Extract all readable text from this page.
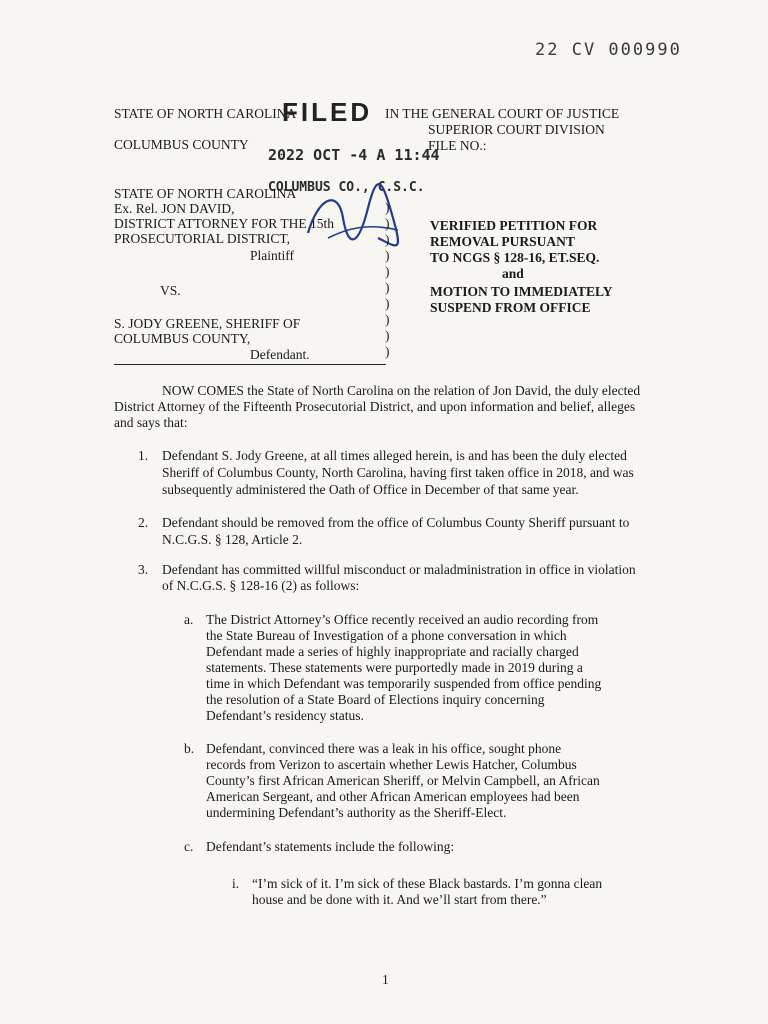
22 CV 000990
STATE OF NORTH CAROLINA
FILED IN THE GENERAL COURT OF JUSTICE
SUPERIOR COURT DIVISION
COLUMBUS COUNTY	FILE NO.:
2022 OCT -4 A 11:44
STATE OF NORTH CAROLINA
COLUMBUS CO., C.S.C.
Ex. Rel. JON DAVID,
DISTRICT ATTORNEY FOR THE 15th
PROSECUTORIAL DISTRICT,
Plaintiff
VS.
S. JODY GREENE, SHERIFF OF
COLUMBUS COUNTY,
Defendant.
)
)
)
)
)
)
)
)
)
)
VERIFIED PETITION FOR
REMOVAL PURSUANT
TO NCGS § 128-16, ET.SEQ.
and
MOTION TO IMMEDIATELY
SUSPEND FROM OFFICE
NOW COMES the State of North Carolina on the relation of Jon David, the duly elected
District Attorney of the Fifteenth Prosecutorial District, and upon information and belief, alleges
and says that:
1. Defendant S. Jody Greene, at all times alleged herein, is and has been the duly elected
Sheriff of Columbus County, North Carolina, having first taken office in 2018, and was
subsequently administered the Oath of Office in December of that same year.
2. Defendant should be removed from the office of Columbus County Sheriff pursuant to
N.C.G.S. § 128, Article 2.
3. Defendant has committed willful misconduct or maladministration in office in violation
of N.C.G.S. § 128-16 (2) as follows:
a. The District Attorney’s Office recently received an audio recording from
the State Bureau of Investigation of a phone conversation in which
Defendant made a series of highly inappropriate and racially charged
statements. These statements were purportedly made in 2019 during a
time in which Defendant was temporarily suspended from office pending
the resolution of a State Board of Elections inquiry concerning
Defendant’s residency status.
b. Defendant, convinced there was a leak in his office, sought phone
records from Verizon to ascertain whether Lewis Hatcher, Columbus
County’s first African American Sheriff, or Melvin Campbell, an African
American Sergeant, and other African American employees had been
undermining Defendant’s authority as the Sheriff-Elect.
c. Defendant’s statements include the following:
i. “I’m sick of it. I’m sick of these Black bastards. I’m gonna clean
house and be done with it. And we’ll start from there.”
1
